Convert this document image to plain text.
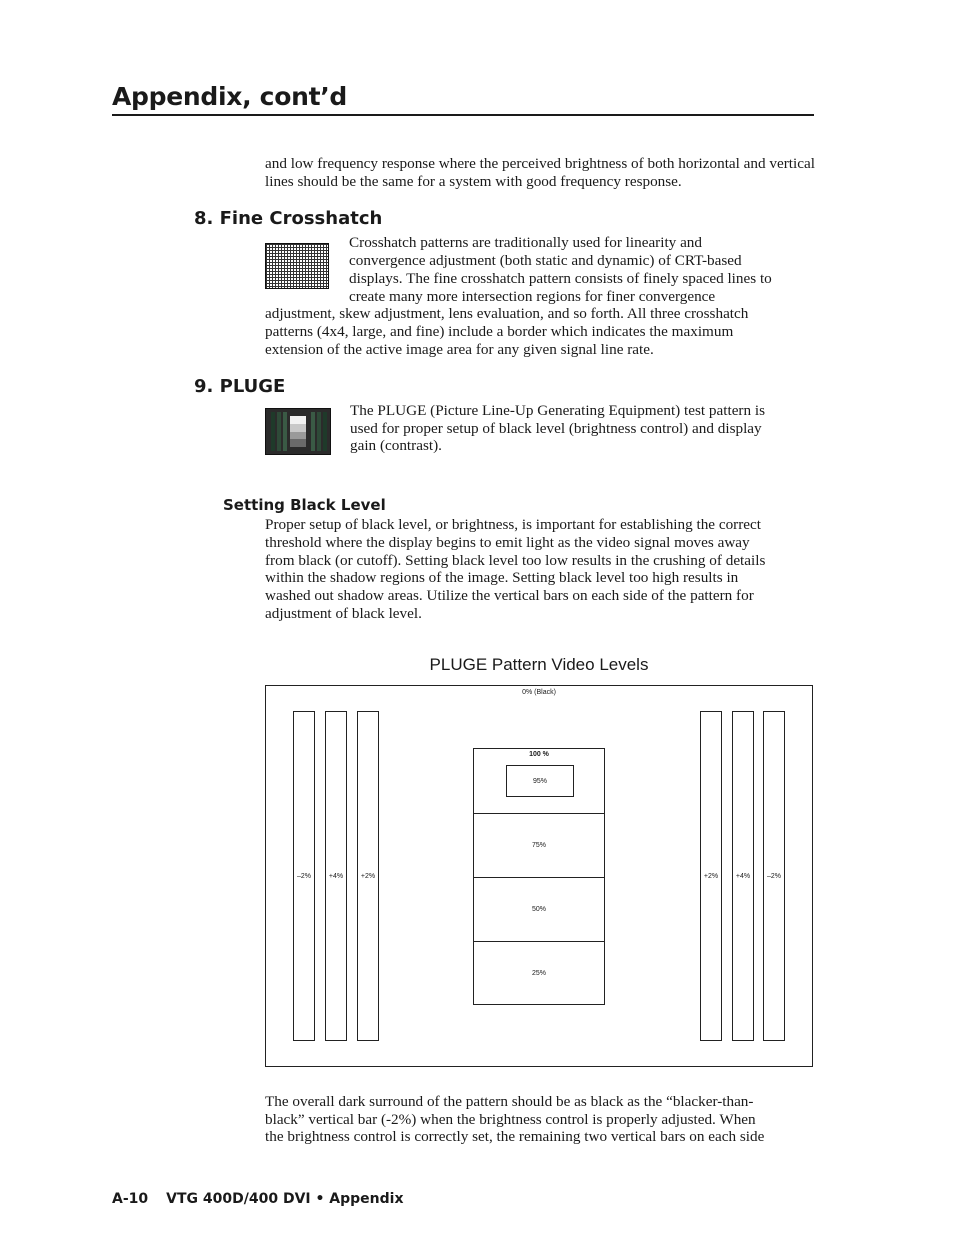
Appendix, cont’d

and low frequency response where the perceived brightness of both horizontal and vertical lines should be the same for a system with good frequency response.

8. Fine Crosshatch
Crosshatch patterns are traditionally used for linearity and
convergence adjustment (both static and dynamic) of CRT-based
displays. The fine crosshatch pattern consists of finely spaced lines to
create many more intersection regions for finer convergence
adjustment, skew adjustment, lens evaluation, and so forth. All three crosshatch
patterns (4x4, large, and fine) include a border which indicates the maximum
extension of the active image area for any given signal line rate.
9. PLUGE
The PLUGE (Picture Line-Up Generating Equipment) test pattern is
used for proper setup of black level (brightness control) and display
gain (contrast).
Setting Black Level
Proper setup of black level, or brightness, is important for establishing the correct
threshold where the display begins to emit light as the video signal moves away
from black (or cutoff). Setting black level too low results in the crushing of details
within the shadow regions of the image. Setting black level too high results in
washed out shadow areas. Utilize the vertical bars on each side of the pattern for
adjustment of black level.
PLUGE Pattern Video Levels
0% (Black)
–2%	+4%	+2%
100 %
95%
75%
50%
25%
+2%	+4% –2%
The overall dark surround of the pattern should be as black as the “blacker-than-
black” vertical bar (-2%) when the brightness control is properly adjusted. When
the brightness control is correctly set, the remaining two vertical bars on each side
A-10 VTG 400D/400 DVI • Appendix
